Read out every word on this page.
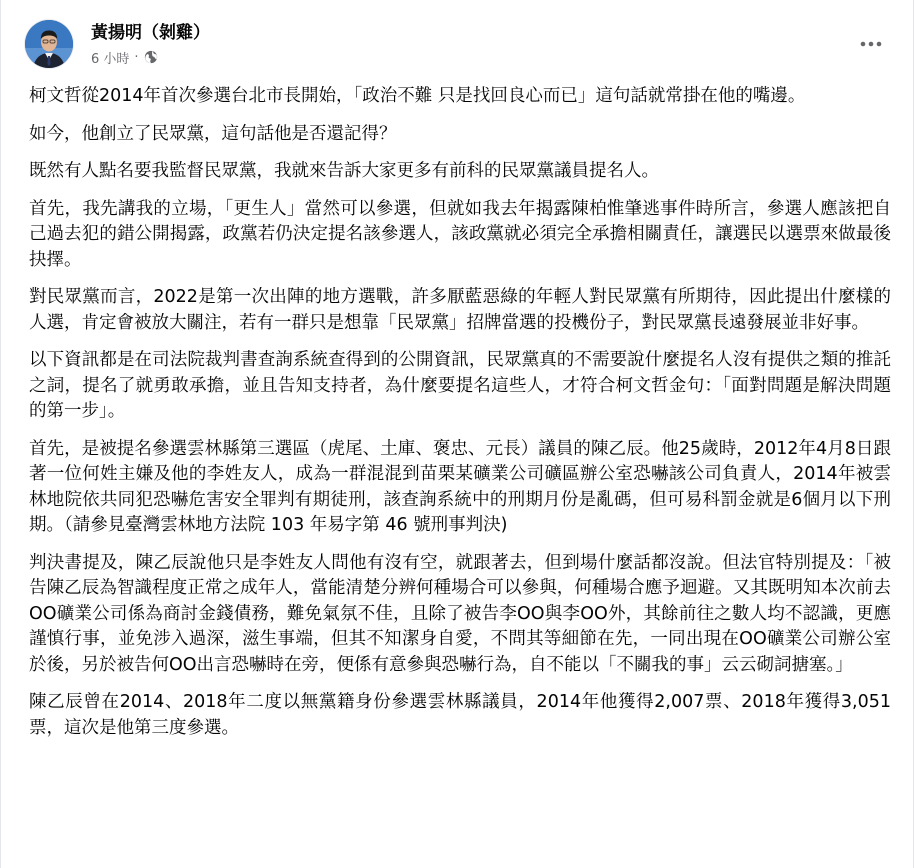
黃揚明（剝雞）
6 小時 ·

柯文哲從2014年首次參選台北市長開始，「政治不難 只是找回良心而已」這句話就常掛在他的嘴邊。

如今，他創立了民眾黨，這句話他是否還記得？

既然有人點名要我監督民眾黨，我就來告訴大家更多有前科的民眾黨議員提名人。

首先，我先講我的立場，「更生人」當然可以參選，但就如我去年揭露陳柏惟肇逃事件時所言，參選人應該把自己過去犯的錯公開揭露，政黨若仍決定提名該參選人，該政黨就必須完全承擔相關責任，讓選民以選票來做最後抉擇。

對民眾黨而言，2022是第一次出陣的地方選戰，許多厭藍惡綠的年輕人對民眾黨有所期待，因此提出什麼樣的人選，肯定會被放大關注，若有一群只是想靠「民眾黨」招牌當選的投機份子，對民眾黨長遠發展並非好事。

以下資訊都是在司法院裁判書查詢系統查得到的公開資訊，民眾黨真的不需要說什麼提名人沒有提供之類的推託之詞，提名了就勇敢承擔，並且告知支持者，為什麼要提名這些人，才符合柯文哲金句：「面對問題是解決問題的第一步」。

首先，是被提名參選雲林縣第三選區（虎尾、土庫、褒忠、元長）議員的陳乙辰。他25歲時，2012年4月8日跟著一位何姓主嫌及他的李姓友人，成為一群混混到苗栗某礦業公司礦區辦公室恐嚇該公司負責人，2014年被雲林地院依共同犯恐嚇危害安全罪判有期徒刑，該查詢系統中的刑期月份是亂碼，但可易科罰金就是6個月以下刑期。（請參見臺灣雲林地方法院 103 年易字第 46 號刑事判決)

判決書提及，陳乙辰說他只是李姓友人問他有沒有空，就跟著去，但到場什麼話都沒說。但法官特別提及：「被告陳乙辰為智識程度正常之成年人，當能清楚分辨何種場合可以參與，何種場合應予迴避。又其既明知本次前去OO礦業公司係為商討金錢債務，難免氣氛不佳，且除了被告李OO與李OO外，其餘前往之數人均不認識，更應謹慎行事，並免涉入過深，滋生事端，但其不知潔身自愛，不問其等細節在先，一同出現在OO礦業公司辦公室於後，另於被告何OO出言恐嚇時在旁，便係有意參與恐嚇行為，自不能以「不關我的事」云云砌詞搪塞。」

陳乙辰曾在2014、2018年二度以無黨籍身份參選雲林縣議員，2014年他獲得2,007票、2018年獲得3,051票，這次是他第三度參選。
